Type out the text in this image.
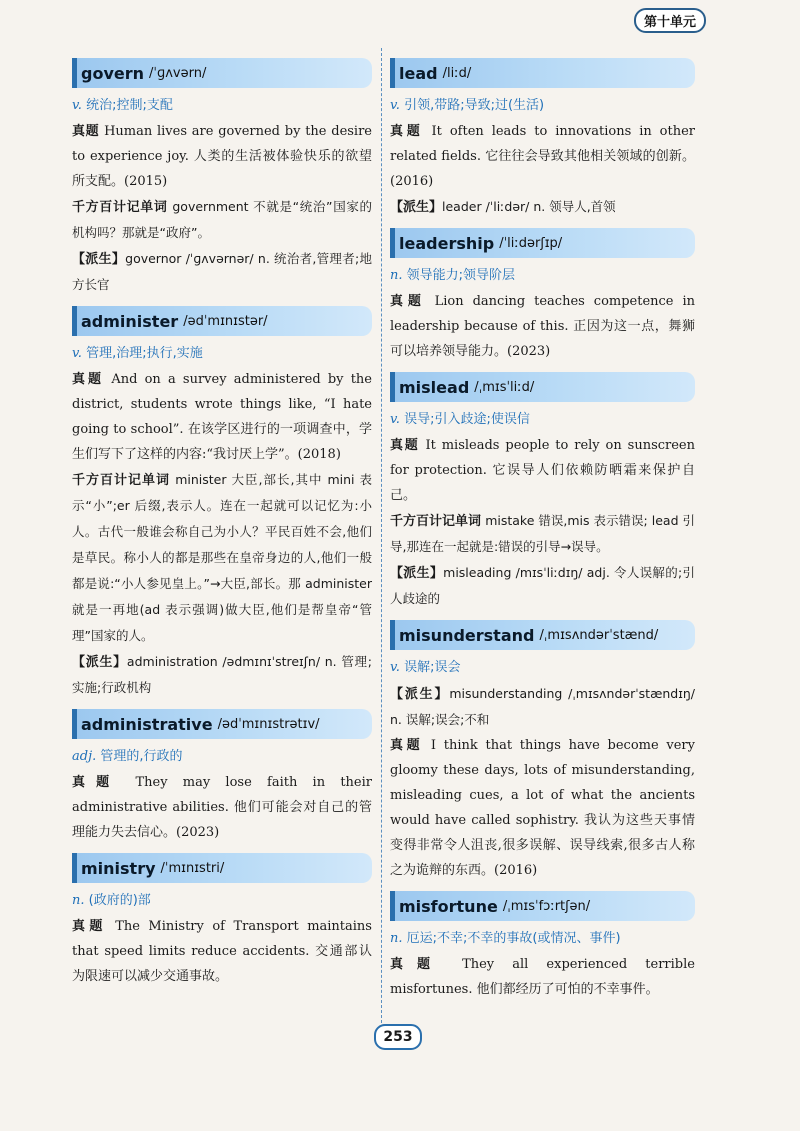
第十单元
govern /ˈɡʌvərn/
v. 统治;控制;支配

真题 Human lives are governed by the desire to experience joy. 人类的生活被体验快乐的欲望所支配。(2015)

千方百计记单词 government 不就是“统治”国家的机构吗？那就是“政府”。

【派生】governor /ˈɡʌvərnər/ n. 统治者,管理者;地方长官

administer /ədˈmɪnɪstər/
v. 管理,治理;执行,实施

真题 And on a survey administered by the district, students wrote things like, “I hate going to school”. 在该学区进行的一项调查中，学生们写下了这样的内容:“我讨厌上学”。(2018)

千方百计记单词 minister 大臣,部长,其中 mini 表示“小”;er 后缀,表示人。连在一起就可以记忆为:小人。古代一般谁会称自己为小人？平民百姓不会,他们是草民。称小人的都是那些在皇帝身边的人,他们一般都是说:“小人参见皇上。”→大臣,部长。那 administer 就是一再地(ad 表示强调)做大臣,他们是帮皇帝“管理”国家的人。

【派生】administration /ədmɪnɪˈstreɪʃn/ n. 管理;实施;行政机构

administrative /ədˈmɪnɪstrətɪv/
adj. 管理的,行政的

真题 They may lose faith in their administrative abilities. 他们可能会对自己的管理能力失去信心。(2023)

ministry /ˈmɪnɪstri/
n. (政府的)部

真题 The Ministry of Transport maintains that speed limits reduce accidents. 交通部认为限速可以减少交通事故。

lead /liːd/
v. 引领,带路;导致;过(生活)

真题 It often leads to innovations in other related fields. 它往往会导致其他相关领域的创新。(2016)

【派生】leader /ˈliːdər/ n. 领导人,首领

leadership /ˈliːdərʃɪp/
n. 领导能力;领导阶层

真题 Lion dancing teaches competence in leadership because of this. 正因为这一点，舞狮可以培养领导能力。(2023)

mislead /ˌmɪsˈliːd/
v. 误导;引入歧途;使误信

真题 It misleads people to rely on sunscreen for protection. 它误导人们依赖防晒霜来保护自己。

千方百计记单词 mistake 错误,mis 表示错误; lead 引导,那连在一起就是:错误的引导→误导。

【派生】misleading /mɪsˈliːdɪŋ/ adj. 令人误解的;引人歧途的

misunderstand /ˌmɪsʌndərˈstænd/
v. 误解;误会

【派生】misunderstanding /ˌmɪsʌndərˈstændɪŋ/ n. 误解;误会;不和

真题 I think that things have become very gloomy these days, lots of misunderstanding, misleading cues, a lot of what the ancients would have called sophistry. 我认为这些天事情变得非常令人沮丧,很多误解、误导线索,很多古人称之为诡辩的东西。(2016)

misfortune /ˌmɪsˈfɔːrtʃən/
n. 厄运;不幸;不幸的事故(或情况、事件)

真题 They all experienced terrible misfortunes. 他们都经历了可怕的不幸事件。

253
